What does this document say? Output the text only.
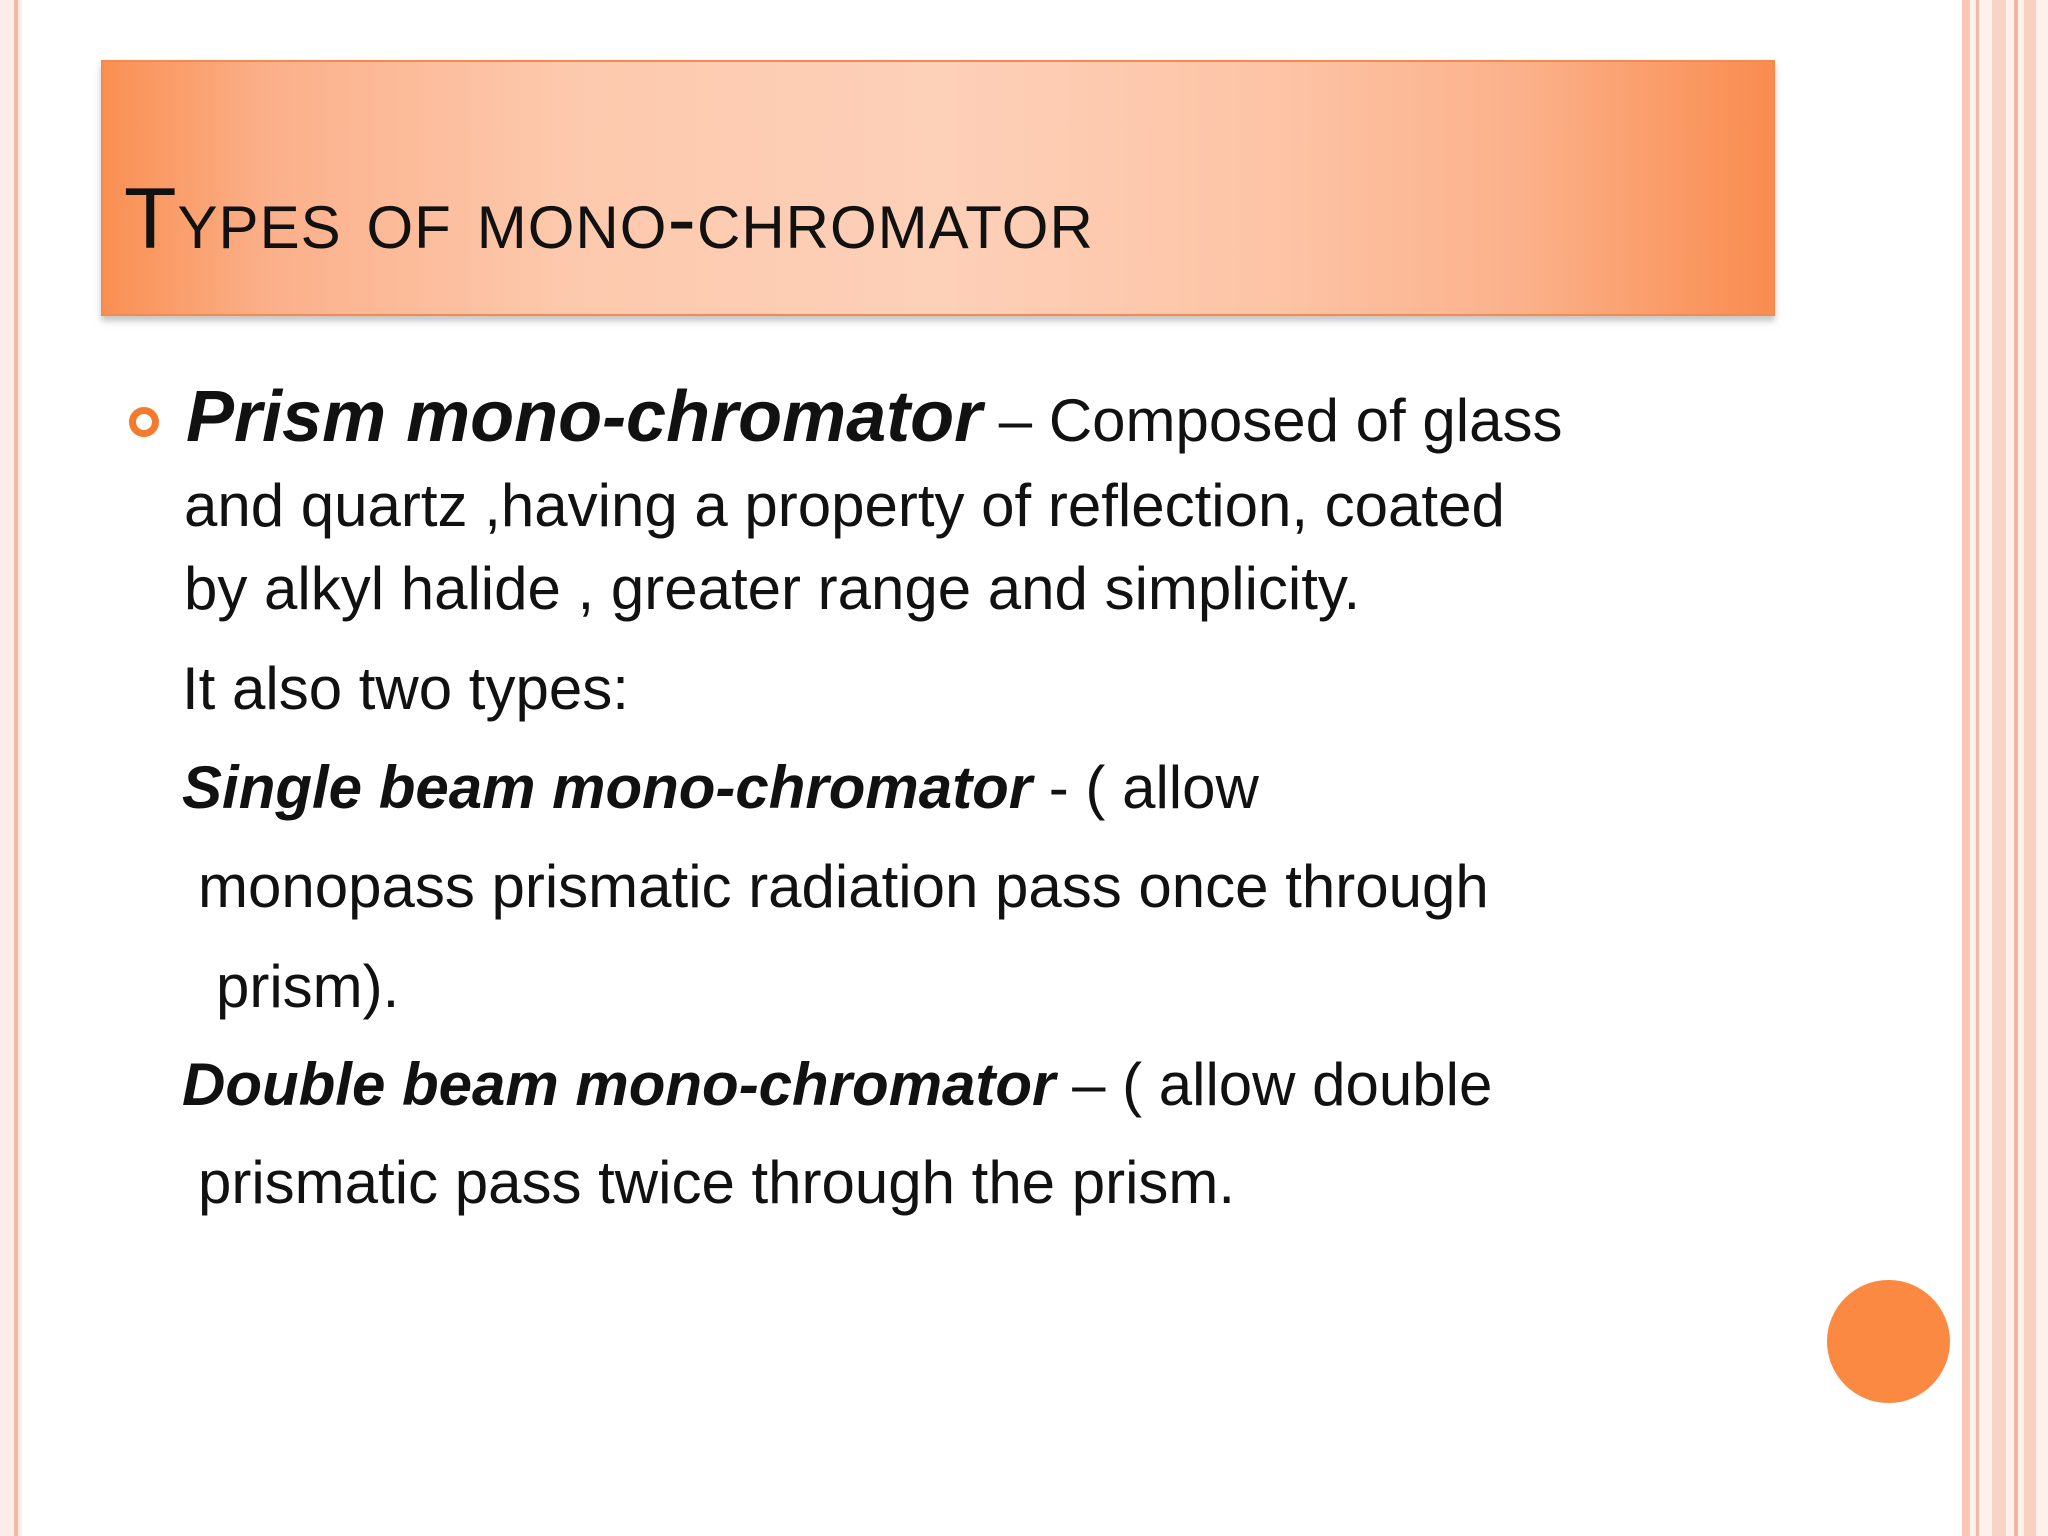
Types of mono-chromator

Prism mono-chromator – Composed of glass

and quartz ,having a property of reflection, coated

by alkyl halide , greater range and simplicity.

It also two types:

Single beam mono-chromator - ( allow

monopass prismatic radiation pass once through

prism).

Double beam mono-chromator – ( allow double

prismatic pass twice through the prism.
